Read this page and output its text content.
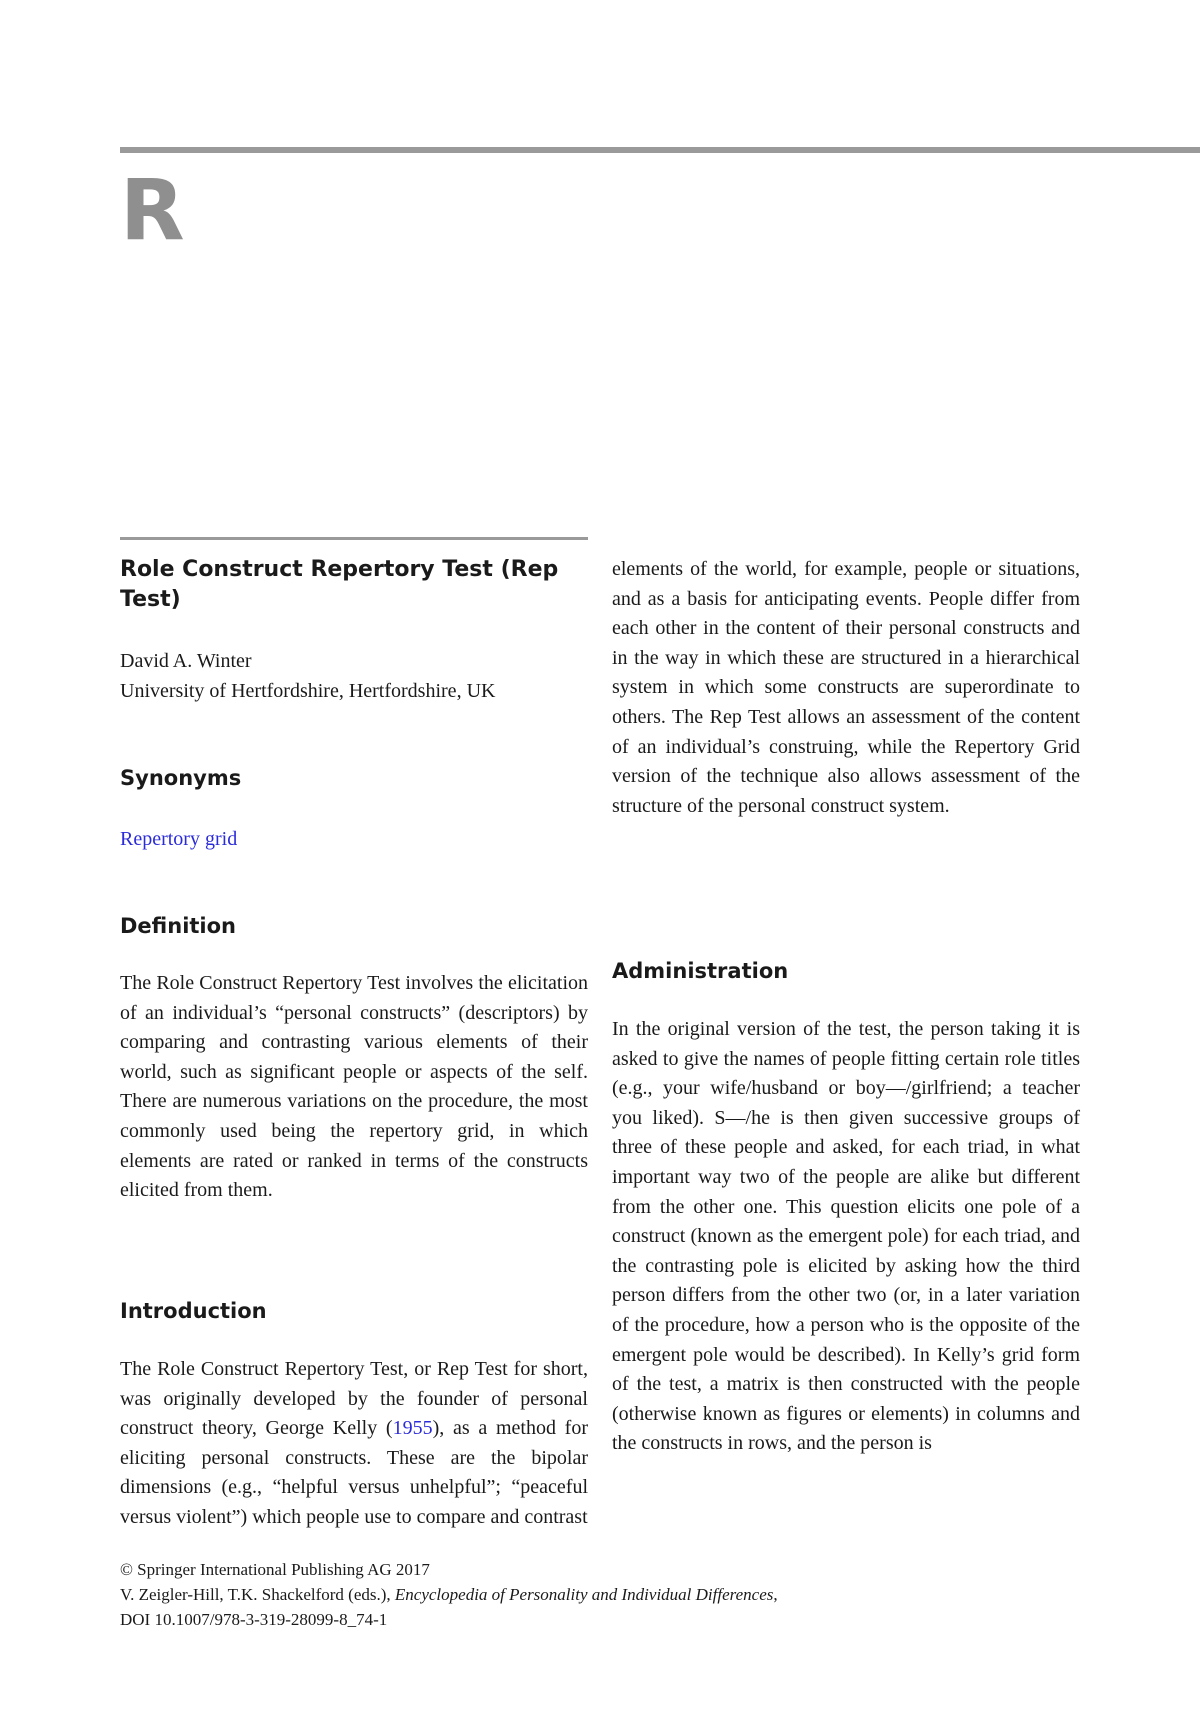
R
Role Construct Repertory Test (Rep Test)
David A. Winter
University of Hertfordshire, Hertfordshire, UK
Synonyms
Repertory grid
Definition

The Role Construct Repertory Test involves the elicitation of an individual’s “personal constructs” (descriptors) by comparing and contrasting various elements of their world, such as significant people or aspects of the self. There are numerous variations on the procedure, the most commonly used being the repertory grid, in which elements are rated or ranked in terms of the constructs elicited from them.

Introduction

The Role Construct Repertory Test, or Rep Test for short, was originally developed by the founder of personal construct theory, George Kelly (1955), as a method for eliciting personal constructs. These are the bipolar dimensions (e.g., “helpful versus unhelpful”; “peaceful versus violent”) which people use to compare and contrast

elements of the world, for example, people or situations, and as a basis for anticipating events. People differ from each other in the content of their personal constructs and in the way in which these are structured in a hierarchical system in which some constructs are superordinate to others. The Rep Test allows an assessment of the content of an individual’s construing, while the Repertory Grid version of the technique also allows assessment of the structure of the personal construct system.

Administration

In the original version of the test, the person taking it is asked to give the names of people fitting certain role titles (e.g., your wife/husband or boy—/girlfriend; a teacher you liked). S—/he is then given successive groups of three of these people and asked, for each triad, in what important way two of the people are alike but different from the other one. This question elicits one pole of a construct (known as the emergent pole) for each triad, and the contrasting pole is elicited by asking how the third person differs from the other two (or, in a later variation of the procedure, how a person who is the opposite of the emergent pole would be described). In Kelly’s grid form of the test, a matrix is then constructed with the people (otherwise known as figures or elements) in columns and the constructs in rows, and the person is

© Springer International Publishing AG 2017
V. Zeigler-Hill, T.K. Shackelford (eds.), Encyclopedia of Personality and Individual Differences,
DOI 10.1007/978-3-319-28099-8_74-1
